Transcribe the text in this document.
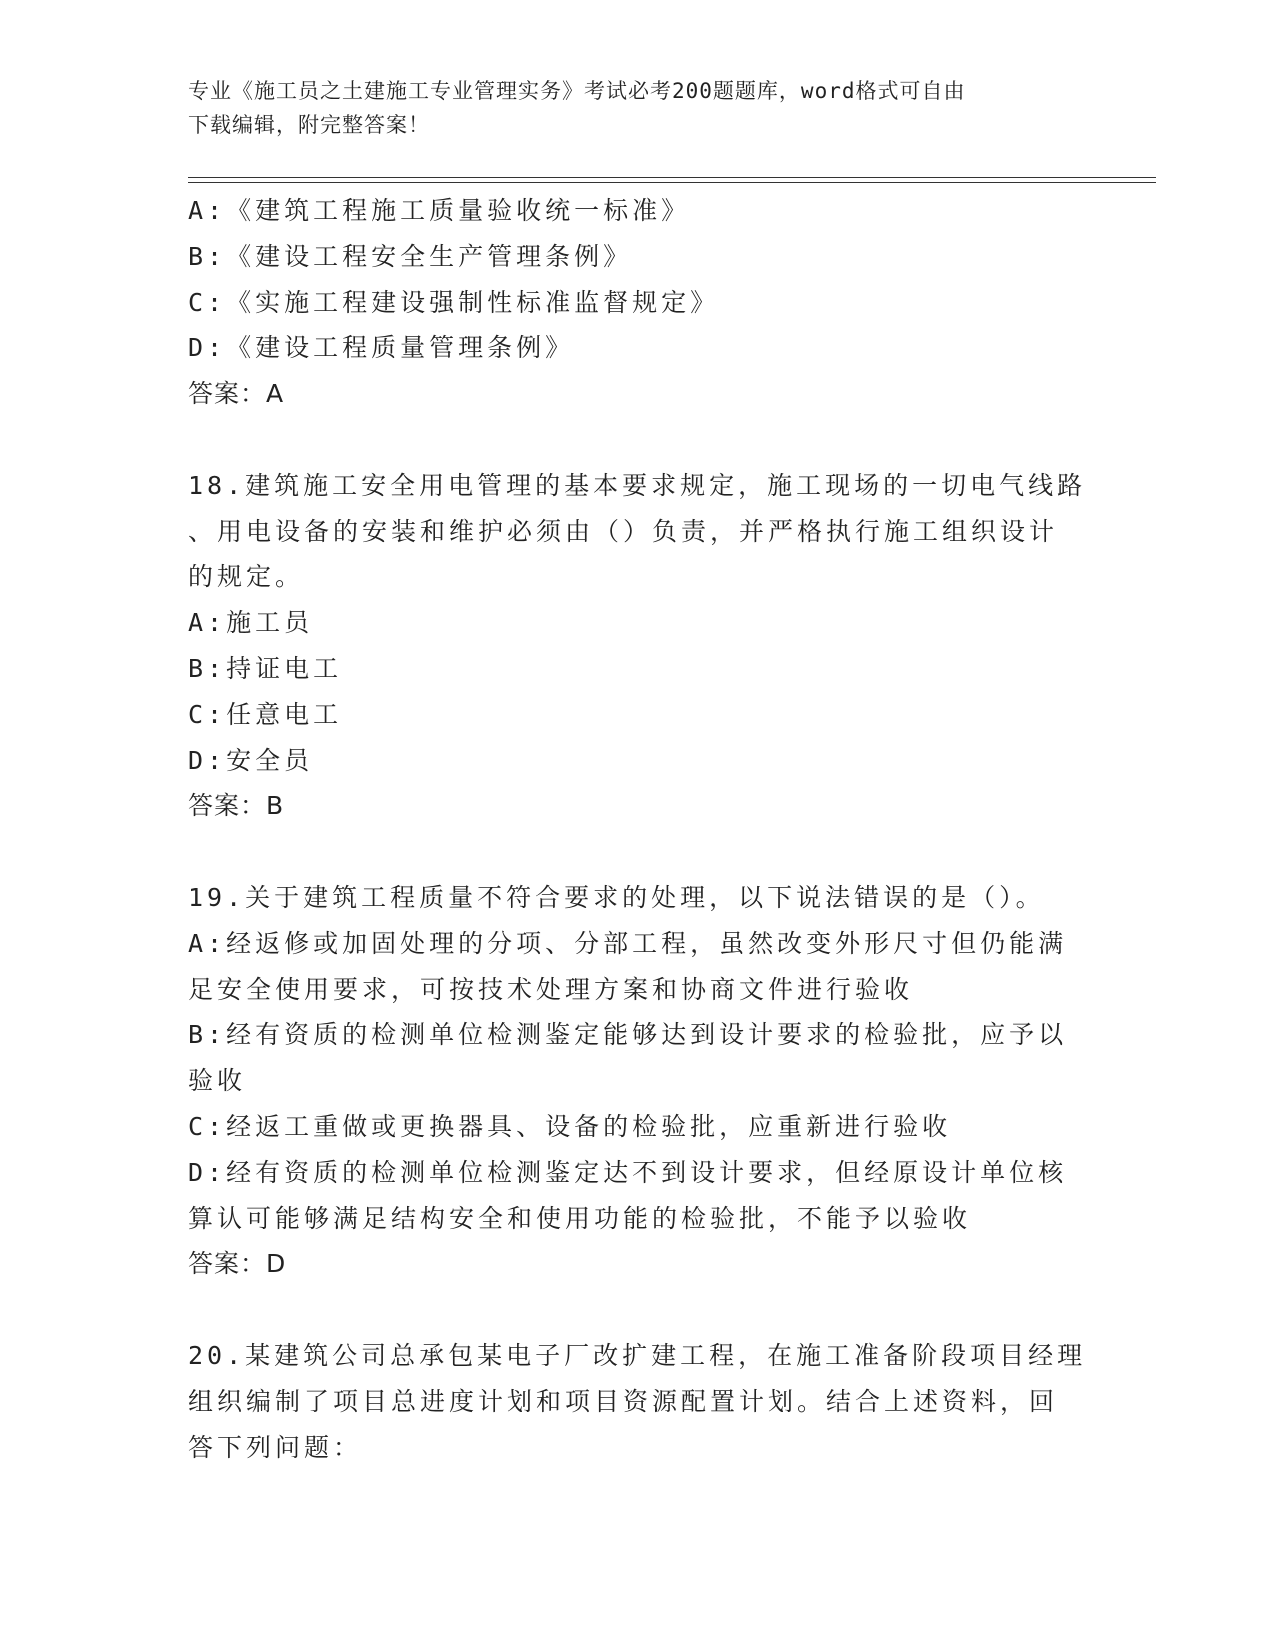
专业《施工员之土建施工专业管理实务》考试必考200题题库，word格式可自由
下载编辑，附完整答案！
A:《建筑工程施工质量验收统一标准》
B:《建设工程安全生产管理条例》
C:《实施工程建设强制性标准监督规定》
D:《建设工程质量管理条例》
答案：A
18.建筑施工安全用电管理的基本要求规定，施工现场的一切电气线路
、用电设备的安装和维护必须由（）负责，并严格执行施工组织设计
的规定。
A:施工员
B:持证电工
C:任意电工
D:安全员
答案：B
19.关于建筑工程质量不符合要求的处理，以下说法错误的是（）。
A:经返修或加固处理的分项、分部工程，虽然改变外形尺寸但仍能满
足安全使用要求，可按技术处理方案和协商文件进行验收
B:经有资质的检测单位检测鉴定能够达到设计要求的检验批，应予以
验收
C:经返工重做或更换器具、设备的检验批，应重新进行验收
D:经有资质的检测单位检测鉴定达不到设计要求，但经原设计单位核
算认可能够满足结构安全和使用功能的检验批，不能予以验收
答案：D
20.某建筑公司总承包某电子厂改扩建工程，在施工准备阶段项目经理
组织编制了项目总进度计划和项目资源配置计划。结合上述资料，回
答下列问题：
